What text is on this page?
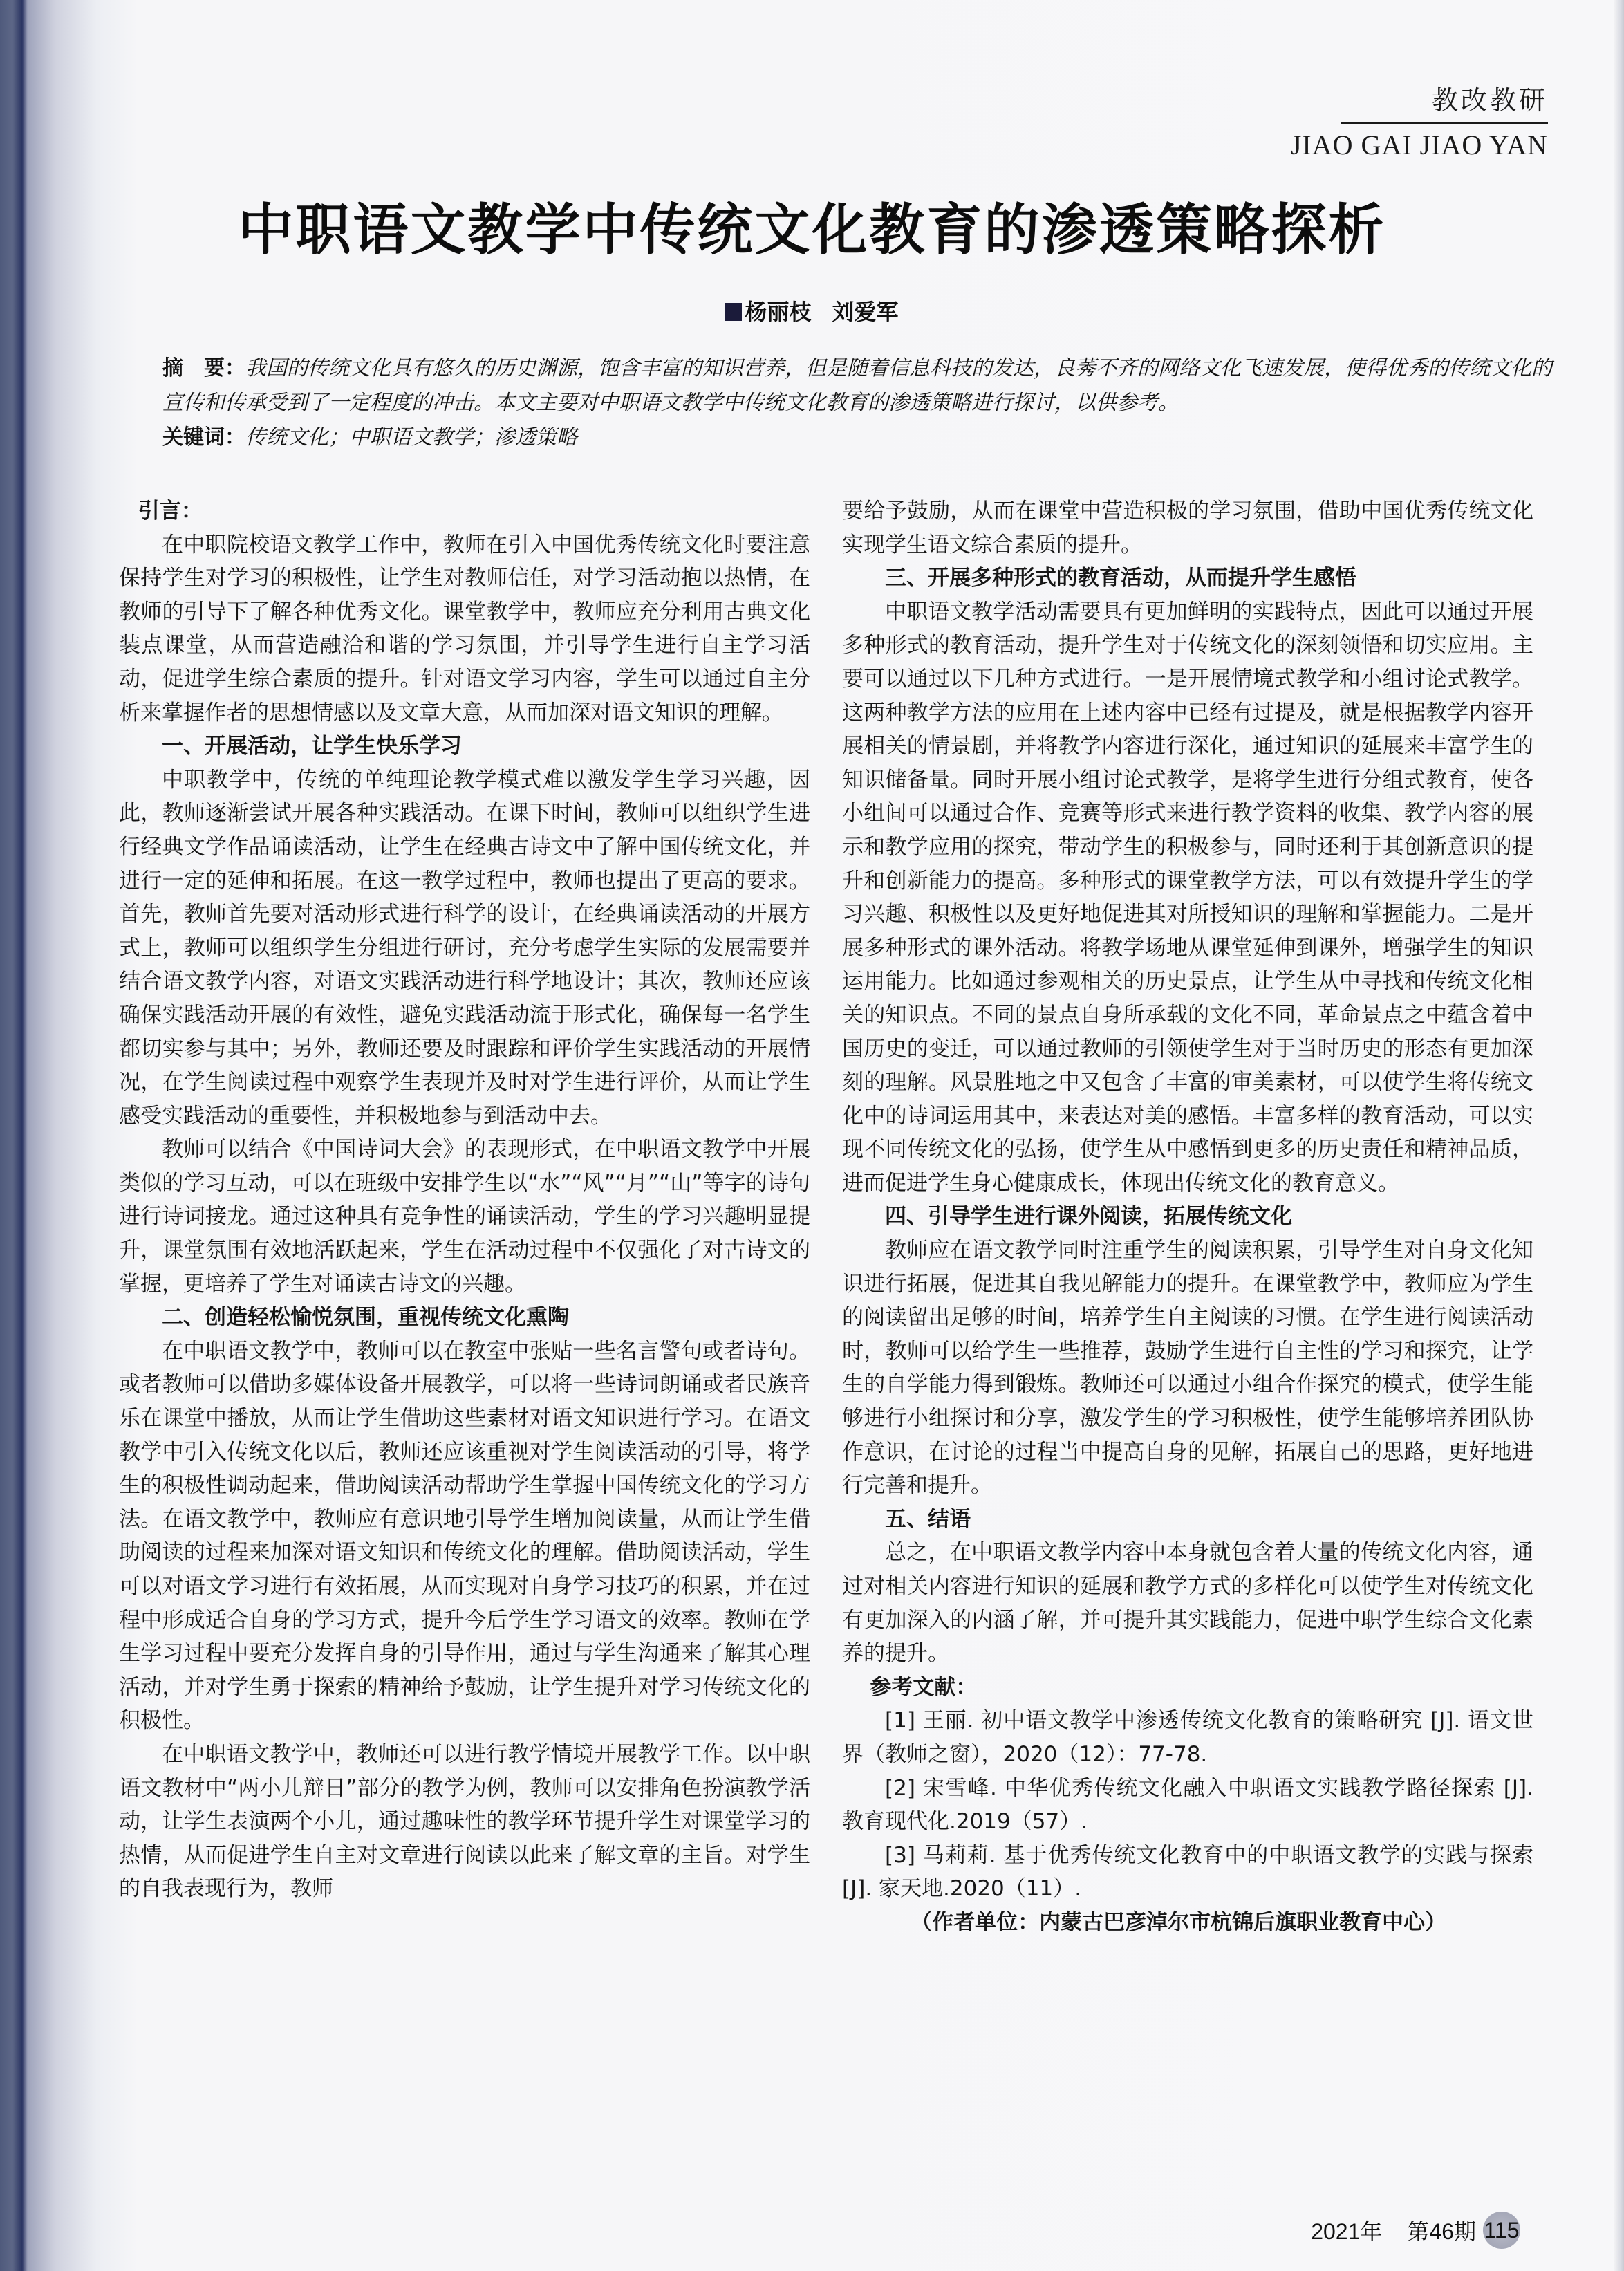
教改教研
JIAO GAI JIAO YAN
中职语文教学中传统文化教育的渗透策略探析
杨丽枝 刘爱军

摘　要：我国的传统文化具有悠久的历史渊源，饱含丰富的知识营养，但是随着信息科技的发达，良莠不齐的网络文化飞速发展，使得优秀的传统文化的宣传和传承受到了一定程度的冲击。本文主要对中职语文教学中传统文化教育的渗透策略进行探讨，以供参考。

关键词：传统文化；中职语文教学；渗透策略

引言：

在中职院校语文教学工作中，教师在引入中国优秀传统文化时要注意保持学生对学习的积极性，让学生对教师信任，对学习活动抱以热情，在教师的引导下了解各种优秀文化。课堂教学中，教师应充分利用古典文化装点课堂，从而营造融洽和谐的学习氛围，并引导学生进行自主学习活动，促进学生综合素质的提升。针对语文学习内容，学生可以通过自主分析来掌握作者的思想情感以及文章大意，从而加深对语文知识的理解。

一、开展活动，让学生快乐学习

中职教学中，传统的单纯理论教学模式难以激发学生学习兴趣，因此，教师逐渐尝试开展各种实践活动。在课下时间，教师可以组织学生进行经典文学作品诵读活动，让学生在经典古诗文中了解中国传统文化，并进行一定的延伸和拓展。在这一教学过程中，教师也提出了更高的要求。首先，教师首先要对活动形式进行科学的设计，在经典诵读活动的开展方式上，教师可以组织学生分组进行研讨，充分考虑学生实际的发展需要并结合语文教学内容，对语文实践活动进行科学地设计；其次，教师还应该确保实践活动开展的有效性，避免实践活动流于形式化，确保每一名学生都切实参与其中；另外，教师还要及时跟踪和评价学生实践活动的开展情况，在学生阅读过程中观察学生表现并及时对学生进行评价，从而让学生感受实践活动的重要性，并积极地参与到活动中去。

教师可以结合《中国诗词大会》的表现形式，在中职语文教学中开展类似的学习互动，可以在班级中安排学生以“水”“风”“月”“山”等字的诗句进行诗词接龙。通过这种具有竞争性的诵读活动，学生的学习兴趣明显提升，课堂氛围有效地活跃起来，学生在活动过程中不仅强化了对古诗文的掌握，更培养了学生对诵读古诗文的兴趣。

二、创造轻松愉悦氛围，重视传统文化熏陶

在中职语文教学中，教师可以在教室中张贴一些名言警句或者诗句。或者教师可以借助多媒体设备开展教学，可以将一些诗词朗诵或者民族音乐在课堂中播放，从而让学生借助这些素材对语文知识进行学习。在语文教学中引入传统文化以后，教师还应该重视对学生阅读活动的引导，将学生的积极性调动起来，借助阅读活动帮助学生掌握中国传统文化的学习方法。在语文教学中，教师应有意识地引导学生增加阅读量，从而让学生借助阅读的过程来加深对语文知识和传统文化的理解。借助阅读活动，学生可以对语文学习进行有效拓展，从而实现对自身学习技巧的积累，并在过程中形成适合自身的学习方式，提升今后学生学习语文的效率。教师在学生学习过程中要充分发挥自身的引导作用，通过与学生沟通来了解其心理活动，并对学生勇于探索的精神给予鼓励，让学生提升对学习传统文化的积极性。

在中职语文教学中，教师还可以进行教学情境开展教学工作。以中职语文教材中“两小儿辩日”部分的教学为例，教师可以安排角色扮演教学活动，让学生表演两个小儿，通过趣味性的教学环节提升学生对课堂学习的热情，从而促进学生自主对文章进行阅读以此来了解文章的主旨。对学生的自我表现行为，教师

要给予鼓励，从而在课堂中营造积极的学习氛围，借助中国优秀传统文化实现学生语文综合素质的提升。

三、开展多种形式的教育活动，从而提升学生感悟

中职语文教学活动需要具有更加鲜明的实践特点，因此可以通过开展多种形式的教育活动，提升学生对于传统文化的深刻领悟和切实应用。主要可以通过以下几种方式进行。一是开展情境式教学和小组讨论式教学。这两种教学方法的应用在上述内容中已经有过提及，就是根据教学内容开展相关的情景剧，并将教学内容进行深化，通过知识的延展来丰富学生的知识储备量。同时开展小组讨论式教学，是将学生进行分组式教育，使各小组间可以通过合作、竞赛等形式来进行教学资料的收集、教学内容的展示和教学应用的探究，带动学生的积极参与，同时还利于其创新意识的提升和创新能力的提高。多种形式的课堂教学方法，可以有效提升学生的学习兴趣、积极性以及更好地促进其对所授知识的理解和掌握能力。二是开展多种形式的课外活动。将教学场地从课堂延伸到课外，增强学生的知识运用能力。比如通过参观相关的历史景点，让学生从中寻找和传统文化相关的知识点。不同的景点自身所承载的文化不同，革命景点之中蕴含着中国历史的变迁，可以通过教师的引领使学生对于当时历史的形态有更加深刻的理解。风景胜地之中又包含了丰富的审美素材，可以使学生将传统文化中的诗词运用其中，来表达对美的感悟。丰富多样的教育活动，可以实现不同传统文化的弘扬，使学生从中感悟到更多的历史责任和精神品质，进而促进学生身心健康成长，体现出传统文化的教育意义。

四、引导学生进行课外阅读，拓展传统文化

教师应在语文教学同时注重学生的阅读积累，引导学生对自身文化知识进行拓展，促进其自我见解能力的提升。在课堂教学中，教师应为学生的阅读留出足够的时间，培养学生自主阅读的习惯。在学生进行阅读活动时，教师可以给学生一些推荐，鼓励学生进行自主性的学习和探究，让学生的自学能力得到锻炼。教师还可以通过小组合作探究的模式，使学生能够进行小组探讨和分享，激发学生的学习积极性，使学生能够培养团队协作意识，在讨论的过程当中提高自身的见解，拓展自己的思路，更好地进行完善和提升。

五、结语

总之，在中职语文教学内容中本身就包含着大量的传统文化内容，通过对相关内容进行知识的延展和教学方式的多样化可以使学生对传统文化有更加深入的内涵了解，并可提升其实践能力，促进中职学生综合文化素养的提升。

参考文献：

[1] 王丽. 初中语文教学中渗透传统文化教育的策略研究 [J]. 语文世界（教师之窗），2020（12）：77-78.

[2] 宋雪峰. 中华优秀传统文化融入中职语文实践教学路径探索 [J]. 教育现代化.2019（57）.

[3] 马莉莉. 基于优秀传统文化教育中的中职语文教学的实践与探索 [J]. 家天地.2020（11）.

（作者单位：内蒙古巴彦淖尔市杭锦后旗职业教育中心）

2021年 第46期 115
